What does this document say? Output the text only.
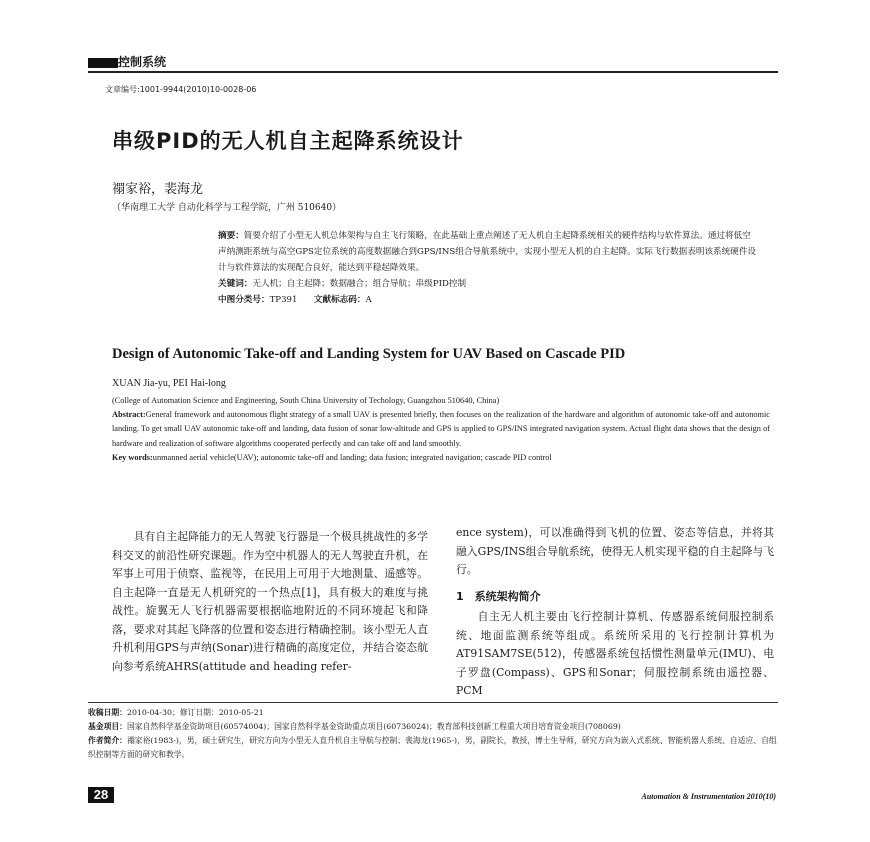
控制系统
文章编号:1001-9944(2010)10-0028-06
串级PID的无人机自主起降系统设计
禤家裕，裴海龙
（华南理工大学 自动化科学与工程学院，广州 510640）
摘要：简要介绍了小型无人机总体架构与自主飞行策略，在此基础上重点阐述了无人机自主起降系统相关的硬件结构与软件算法。通过将低空声纳测距系统与高空GPS定位系统的高度数据融合到GPS/INS组合导航系统中，实现小型无人机的自主起降。实际飞行数据表明该系统硬件设计与软件算法的实现配合良好，能达到平稳起降效果。
关键词：无人机；自主起降；数据融合；组合导航；串级PID控制
中图分类号：TP391 文献标志码：A
Design of Autonomic Take-off and Landing System for UAV Based on Cascade PID
XUAN Jia-yu, PEI Hai-long
(College of Automation Science and Engineering, South China University of Techology, Guangzhou 510640, China)
Abstract:General framework and autonomous flight strategy of a small UAV is presented briefly, then focuses on the realization of the hardware and algorithm of autonomic take-off and autonomic landing. To get small UAV autonomic take-off and landing, data fusion of sonar low-altitude and GPS is applied to GPS/INS integrated navigation system. Actual flight data shows that the design of hardware and realization of software algorithms cooperated perfectly and can take off and land smoothly.
Key words:unmanned aerial vehicle(UAV); autonomic take-off and landing; data fusion; integrated navigation; cascade PID control
具有自主起降能力的无人驾驶飞行器是一个极具挑战性的多学科交叉的前沿性研究课题。作为空中机器人的无人驾驶直升机，在军事上可用于侦察、监视等，在民用上可用于大地测量、遥感等。自主起降一直是无人机研究的一个热点[1]，具有极大的难度与挑战性。旋翼无人飞行机器需要根据临地附近的不同环境起飞和降落，要求对其起飞降落的位置和姿态进行精确控制。该小型无人直升机利用GPS与声纳(Sonar)进行精确的高度定位，并结合姿态航向参考系统AHRS(attitude and heading refer-
ence system)，可以准确得到飞机的位置、姿态等信息，并将其融入GPS/INS组合导航系统，使得无人机实现平稳的自主起降与飞行。
1　系统架构简介
自主无人机主要由飞行控制计算机、传感器系统伺服控制系统、地面监测系统等组成。系统所采用的飞行控制计算机为AT91SAM7SE(512)，传感器系统包括惯性测量单元(IMU)、电子罗盘(Compass)、GPS和Sonar；伺服控制系统由遥控器、PCM
收稿日期：2010-04-30；修订日期：2010-05-21
基金项目：国家自然科学基金资助项目(60574004)；国家自然科学基金资助重点项目(60736024)；教育部科技创新工程重大项目培育资金项目(708069)
作者简介：禤家裕(1983-)，男，硕士研究生，研究方向为小型无人直升机自主导航与控制；裴海龙(1965-)，男，副院长，教授，博士生导师，研究方向为嵌入式系统、智能机器人系统、自适应、自组织控制等方面的研究和教学。
28	Automation & Instrumentation 2010(10)
